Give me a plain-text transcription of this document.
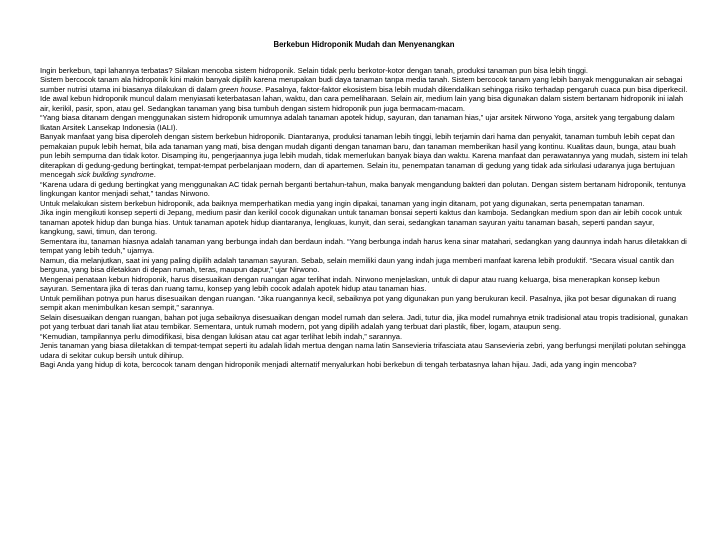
Berkebun Hidroponik Mudah dan Menyenangkan

Ingin berkebun, tapi lahannya terbatas? Silakan mencoba sistem hidroponik. Selain tidak perlu berkotor-kotor dengan tanah, produksi tanaman pun bisa lebih tinggi.

Sistem bercocok tanam ala hidroponik kini makin banyak dipilih karena merupakan budi daya tanaman tanpa media tanah. Sistem bercocok tanam yang lebih banyak menggunakan air sebagai sumber nutrisi utama ini biasanya dilakukan di dalam green house. Pasalnya, faktor-faktor ekosistem bisa lebih mudah dikendalikan sehingga risiko terhadap pengaruh cuaca pun bisa diperkecil. Ide awal kebun hidroponik muncul dalam menyiasati keterbatasan lahan, waktu, dan cara pemeliharaan. Selain air, medium lain yang bisa digunakan dalam sistem bertanam hidroponik ini ialah air, kerikil, pasir, spon, atau gel. Sedangkan tanaman yang bisa tumbuh dengan sistem hidroponik pun juga bermacam-macam.

“Yang biasa ditanam dengan menggunakan sistem hidroponik umumnya adalah tanaman apotek hidup, sayuran, dan tanaman hias,” ujar arsitek Nirwono Yoga, arsitek yang tergabung dalam Ikatan Arsitek Lansekap Indonesia (IALI).

Banyak manfaat yang bisa diperoleh dengan sistem berkebun hidroponik. Diantaranya, produksi tanaman lebih tinggi, lebih terjamin dari hama dan penyakit, tanaman tumbuh lebih cepat dan pemakaian pupuk lebih hemat, bila ada tanaman yang mati, bisa dengan mudah diganti dengan tanaman baru, dan tanaman memberikan hasil yang kontinu. Kualitas daun, bunga, atau buah pun lebih sempurna dan tidak kotor. Disamping itu, pengerjaannya juga lebih mudah, tidak memerlukan banyak biaya dan waktu. Karena manfaat dan perawatannya yang mudah, sistem ini telah diterapkan di gedung-gedung bertingkat, tempat-tempat perbelanjaan modern, dan di apartemen. Selain itu, penempatan tanaman di gedung yang tidak ada sirkulasi udaranya juga bertujuan mencegah sick building syndrome.

“Karena udara di gedung bertingkat yang menggunakan AC tidak pernah berganti bertahun-tahun, maka banyak mengandung bakteri dan polutan. Dengan sistem bertanam hidroponik, tentunya lingkungan kantor menjadi sehat,” tandas Nirwono.

Untuk melakukan sistem berkebun hidroponik, ada baiknya memperhatikan media yang ingin dipakai, tanaman yang ingin ditanam, pot yang digunakan, serta penempatan tanaman.

Jika ingin mengikuti konsep seperti di Jepang, medium pasir dan kerikil cocok digunakan untuk tanaman bonsai seperti kaktus dan kamboja. Sedangkan medium spon dan air lebih cocok untuk tanaman apotek hidup dan bunga hias. Untuk tanaman apotek hidup diantaranya, lengkuas, kunyit, dan serai, sedangkan tanaman sayuran yaitu tanaman basah, seperti pandan sayur, kangkung, sawi, timun, dan terong.

Sementara itu, tanaman hiasnya adalah tanaman yang berbunga indah dan berdaun indah. “Yang berbunga indah harus kena sinar matahari, sedangkan yang daunnya indah harus diletakkan di tempat yang lebih teduh,” ujarnya.

Namun, dia melanjutkan, saat ini yang paling dipilih adalah tanaman sayuran. Sebab, selain memiliki daun yang indah juga memberi manfaat karena lebih produktif. “Secara visual cantik dan berguna, yang bisa diletakkan di depan rumah, teras, maupun dapur,” ujar Nirwono.

Mengenai penataan kebun hidroponik, harus disesuaikan dengan ruangan agar terlihat indah. Nirwono menjelaskan, untuk di dapur atau ruang keluarga, bisa menerapkan konsep kebun sayuran. Sementara jika di teras dan ruang tamu, konsep yang lebih cocok adalah apotek hidup atau tanaman hias.

Untuk pemilihan potnya pun harus disesuaikan dengan ruangan. “Jika ruangannya kecil, sebaiknya pot yang digunakan pun yang berukuran kecil. Pasalnya, jika pot besar digunakan di ruang sempit akan menimbulkan kesan sempit,” sarannya.

Selain disesuaikan dengan ruangan, bahan pot juga sebaiknya disesuaikan dengan model rumah dan selera. Jadi, tutur dia, jika model rumahnya etnik tradisional atau tropis tradisional, gunakan pot yang terbuat dari tanah liat atau tembikar. Sementara, untuk rumah modern, pot yang dipilih adalah yang terbuat dari plastik, fiber, logam, ataupun seng.

“Kemudian, tampilannya perlu dimodifikasi, bisa dengan lukisan atau cat agar terlihat lebih indah,” sarannya.

Jenis tanaman yang biasa diletakkan di tempat-tempat seperti itu adalah lidah mertua dengan nama latin Sansevieria trifasciata atau Sansevieria zebri, yang berfungsi menjilati polutan sehingga udara di sekitar cukup bersih untuk dihirup.

Bagi Anda yang hidup di kota, bercocok tanam dengan hidroponik menjadi alternatif menyalurkan hobi berkebun di tengah terbatasnya lahan hijau. Jadi, ada yang ingin mencoba?
